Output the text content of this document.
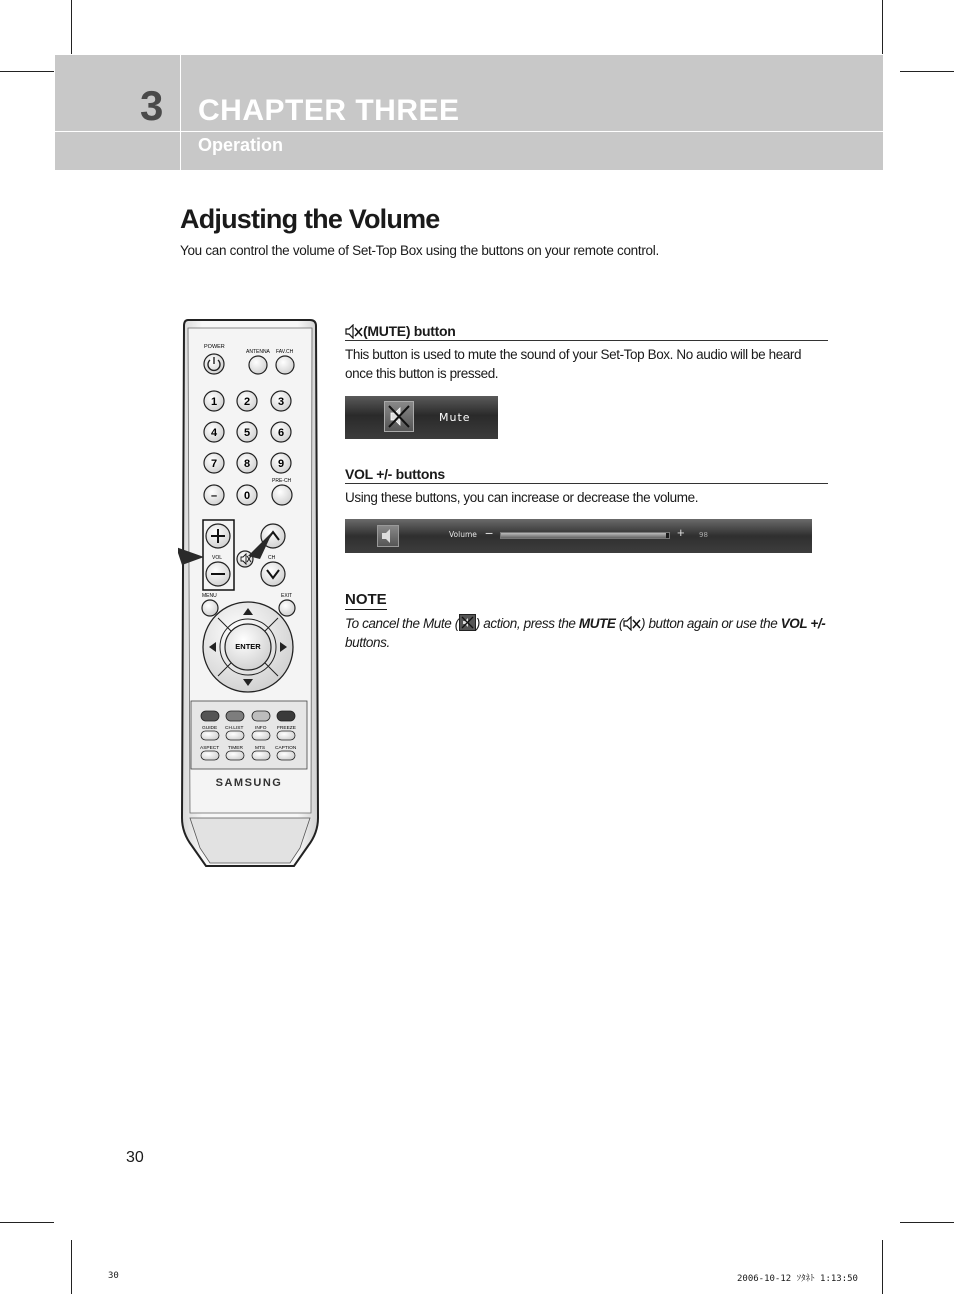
3 CHAPTER THREE
Operation
Adjusting the Volume
You can control the volume of Set-Top Box using the buttons on your remote control.
POWER
ANTENNA FAV.CH
1 2	3
4 5	6
7 8	9
– 0
PRE-CH
VOL	CH
MENU	EXIT
ENTER
GUIDE CH.LIST INFO FREEZE
ASPECT TIMER	MTS CAPTION
SAMSUNG
(MUTE) button
This button is used to mute the sound of your Set-Top Box. No audio will be heard once this button is pressed.
Mute
VOL +/- buttons
Using these buttons, you can increase or decrease the volume.
Volume −	+ 98
NOTE
To cancel the Mute ( ) action, press the MUTE ( ) button again or use the VOL +/- buttons.
30
30	2006-10-12 ｿﾀﾈﾄ 1:13:50
